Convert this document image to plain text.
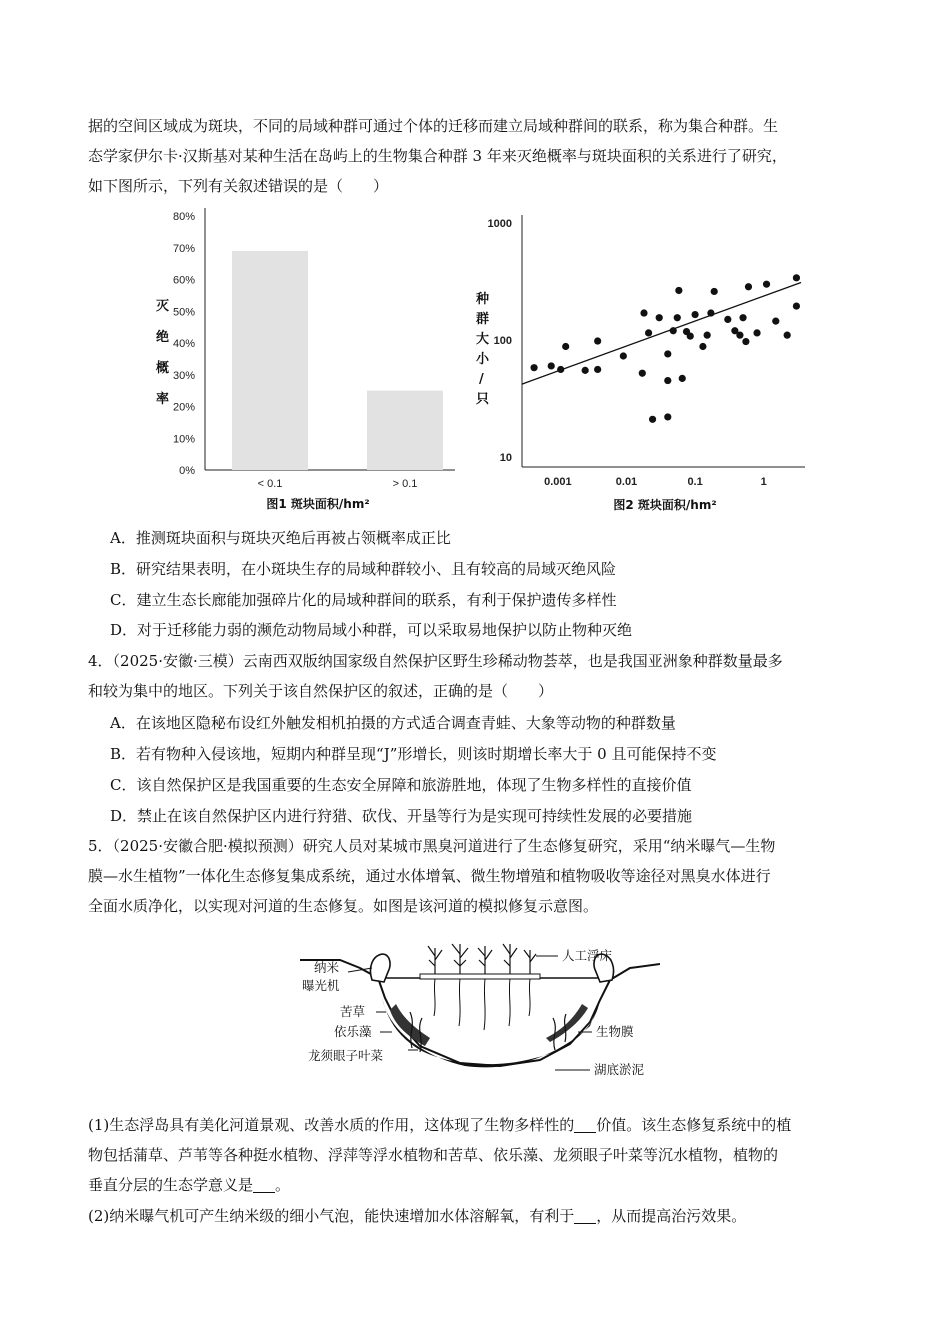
据的空间区域成为斑块，不同的局域种群可通过个体的迁移而建立局域种群间的联系，称为集合种群。生
态学家伊尔卡·汉斯基对某种生活在岛屿上的生物集合种群 3 年来灭绝概率与斑块面积的关系进行了研究，
如下图所示，下列有关叙述错误的是（　　）
80%
70%
60%
50%
40%
30%
20%
10%
0%
灭
绝
概
率
< 0.1	> 0.1
图1 斑块面积/hm²
种
群
大
小
/
只
1000
100
10
0.001	0.01	0.1	1
图2 斑块面积/hm²
A．推测斑块面积与斑块灭绝后再被占领概率成正比
B．研究结果表明，在小斑块生存的局域种群较小、且有较高的局域灭绝风险
C．建立生态长廊能加强碎片化的局域种群间的联系，有利于保护遗传多样性
D．对于迁移能力弱的濒危动物局域小种群，可以采取易地保护以防止物种灭绝
4．（2025·安徽·三模）云南西双版纳国家级自然保护区野生珍稀动物荟萃，也是我国亚洲象种群数量最多
和较为集中的地区。下列关于该自然保护区的叙述，正确的是（　　）
A．在该地区隐秘布设红外触发相机拍摄的方式适合调查青蛙、大象等动物的种群数量
B．若有物种入侵该地，短期内种群呈现“J”形增长，则该时期增长率大于 0 且可能保持不变
C．该自然保护区是我国重要的生态安全屏障和旅游胜地，体现了生物多样性的直接价值
D．禁止在该自然保护区内进行狩猎、砍伐、开垦等行为是实现可持续性发展的必要措施
5．（2025·安徽合肥·模拟预测）研究人员对某城市黑臭河道进行了生态修复研究，采用“纳米曝气—生物
膜—水生植物”一体化生态修复集成系统，通过水体增氧、微生物增殖和植物吸收等途径对黑臭水体进行
全面水质净化，以实现对河道的生态修复。如图是该河道的模拟修复示意图。
人工浮床
纳米
曝光机
苦草
依乐藻
龙须眼子叶菜
生物膜
湖底淤泥
(1)生态浮岛具有美化河道景观、改善水质的作用，这体现了生物多样性的 价值。该生态修复系统中的植
物包括蒲草、芦苇等各种挺水植物、浮萍等浮水植物和苦草、依乐藻、龙须眼子叶菜等沉水植物，植物的
垂直分层的生态学意义是 。
(2)纳米曝气机可产生纳米级的细小气泡，能快速增加水体溶解氧，有利于 ，从而提高治污效果。
